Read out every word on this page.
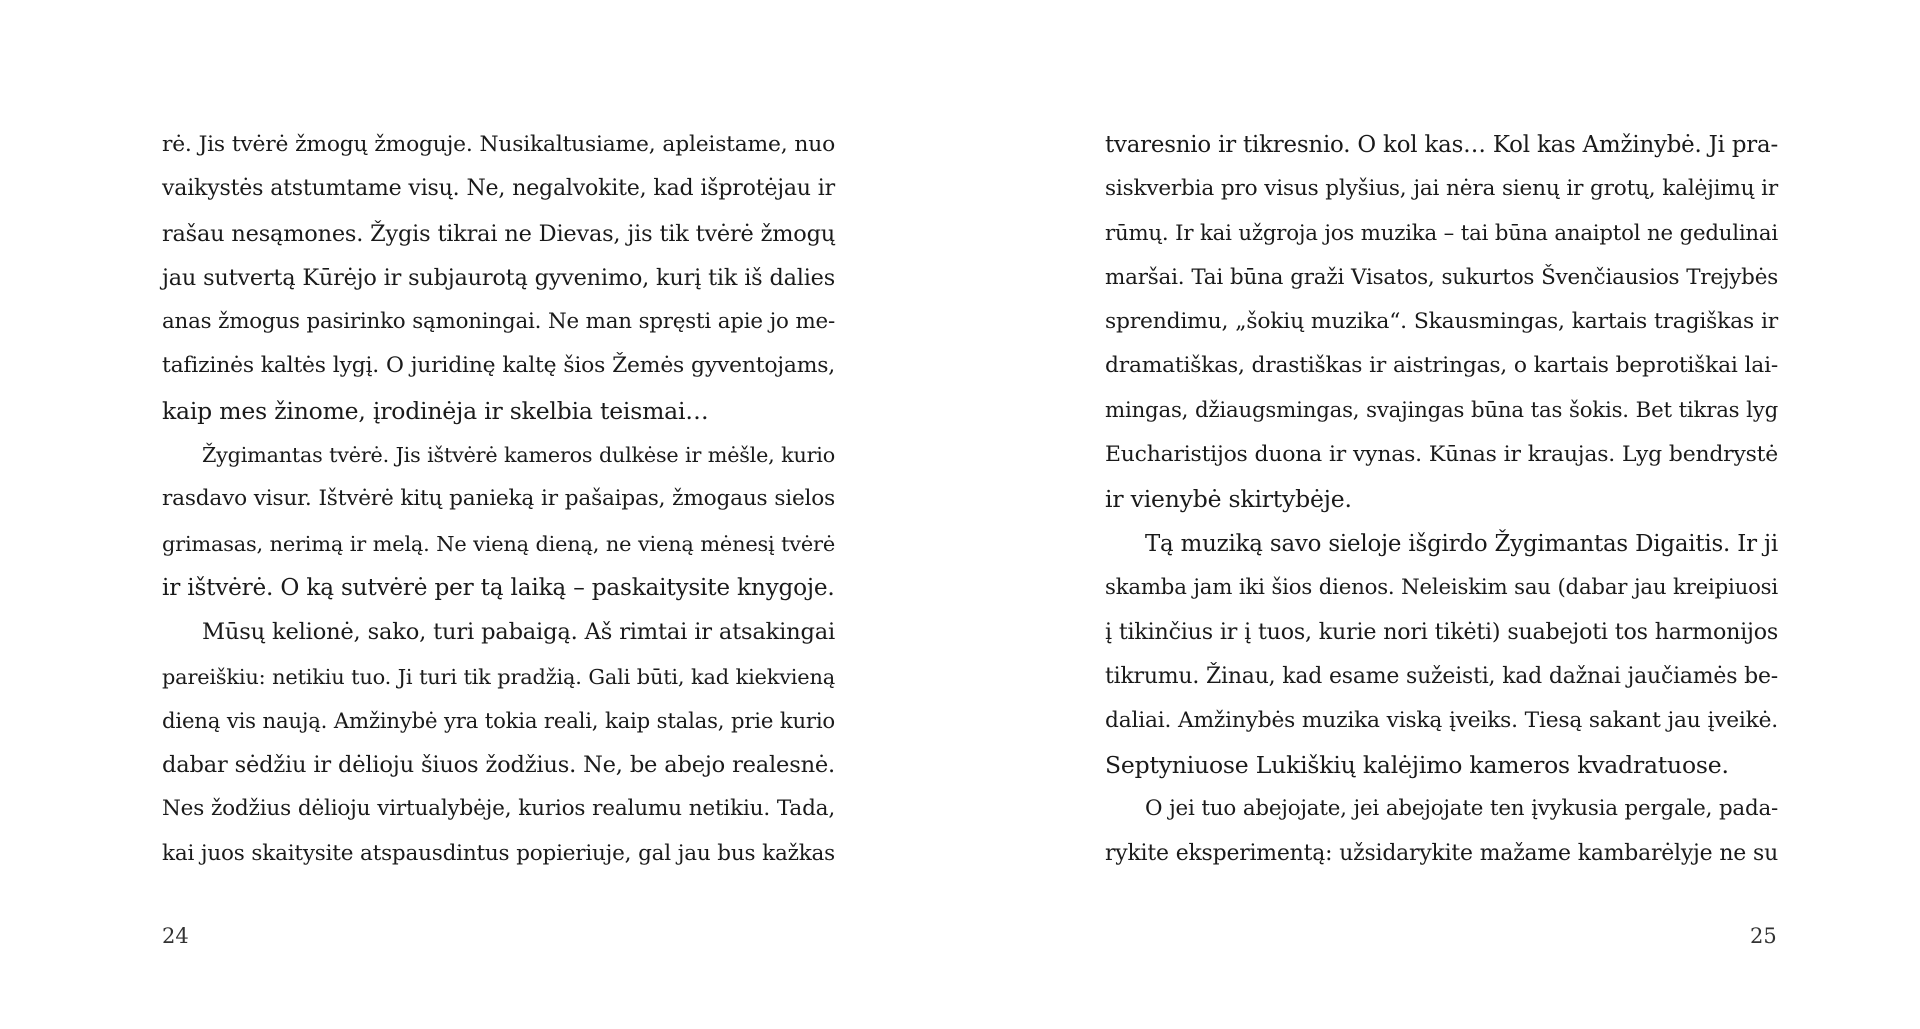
rė. Jis tvėrė žmogų žmoguje. Nusikaltusiame, apleistame, nuo
vaikystės atstumtame visų. Ne, negalvokite, kad išprotėjau ir
rašau nesąmones. Žygis tikrai ne Dievas, jis tik tvėrė žmogų
jau sutvertą Kūrėjo ir subjaurotą gyvenimo, kurį tik iš dalies
anas žmogus pasirinko sąmoningai. Ne man spręsti apie jo me-
tafizinės kaltės lygį. O juridinę kaltę šios Žemės gyventojams,
kaip mes žinome, įrodinėja ir skelbia teismai…
Žygimantas tvėrė. Jis ištvėrė kameros dulkėse ir mėšle, kurio
rasdavo visur. Ištvėrė kitų panieką ir pašaipas, žmogaus sielos
grimasas, nerimą ir melą. Ne vieną dieną, ne vieną mėnesį tvėrė
ir ištvėrė. O ką sutvėrė per tą laiką – paskaitysite knygoje.
Mūsų kelionė, sako, turi pabaigą. Aš rimtai ir atsakingai
pareiškiu: netikiu tuo. Ji turi tik pradžią. Gali būti, kad kiekvieną
dieną vis naują. Amžinybė yra tokia reali, kaip stalas, prie kurio
dabar sėdžiu ir dėlioju šiuos žodžius. Ne, be abejo realesnė.
Nes žodžius dėlioju virtualybėje, kurios realumu netikiu. Tada,
kai juos skaitysite atspausdintus popieriuje, gal jau bus kažkas
24
tvaresnio ir tikresnio. O kol kas… Kol kas Amžinybė. Ji pra-
siskverbia pro visus plyšius, jai nėra sienų ir grotų, kalėjimų ir
rūmų. Ir kai užgroja jos muzika – tai būna anaiptol ne gedulinai
maršai. Tai būna graži Visatos, sukurtos Švenčiausios Trejybės
sprendimu, „šokių muzika“. Skausmingas, kartais tragiškas ir
dramatiškas, drastiškas ir aistringas, o kartais beprotiškai lai-
mingas, džiaugsmingas, svajingas būna tas šokis. Bet tikras lyg
Eucharistijos duona ir vynas. Kūnas ir kraujas. Lyg bendrystė
ir vienybė skirtybėje.
Tą muziką savo sieloje išgirdo Žygimantas Digaitis. Ir ji
skamba jam iki šios dienos. Neleiskim sau (dabar jau kreipiuosi
į tikinčius ir į tuos, kurie nori tikėti) suabejoti tos harmonijos
tikrumu. Žinau, kad esame sužeisti, kad dažnai jaučiamės be-
daliai. Amžinybės muzika viską įveiks. Tiesą sakant jau įveikė.
Septyniuose Lukiškių kalėjimo kameros kvadratuose.
O jei tuo abejojate, jei abejojate ten įvykusia pergale, pada-
rykite eksperimentą: užsidarykite mažame kambarėlyje ne su
25
